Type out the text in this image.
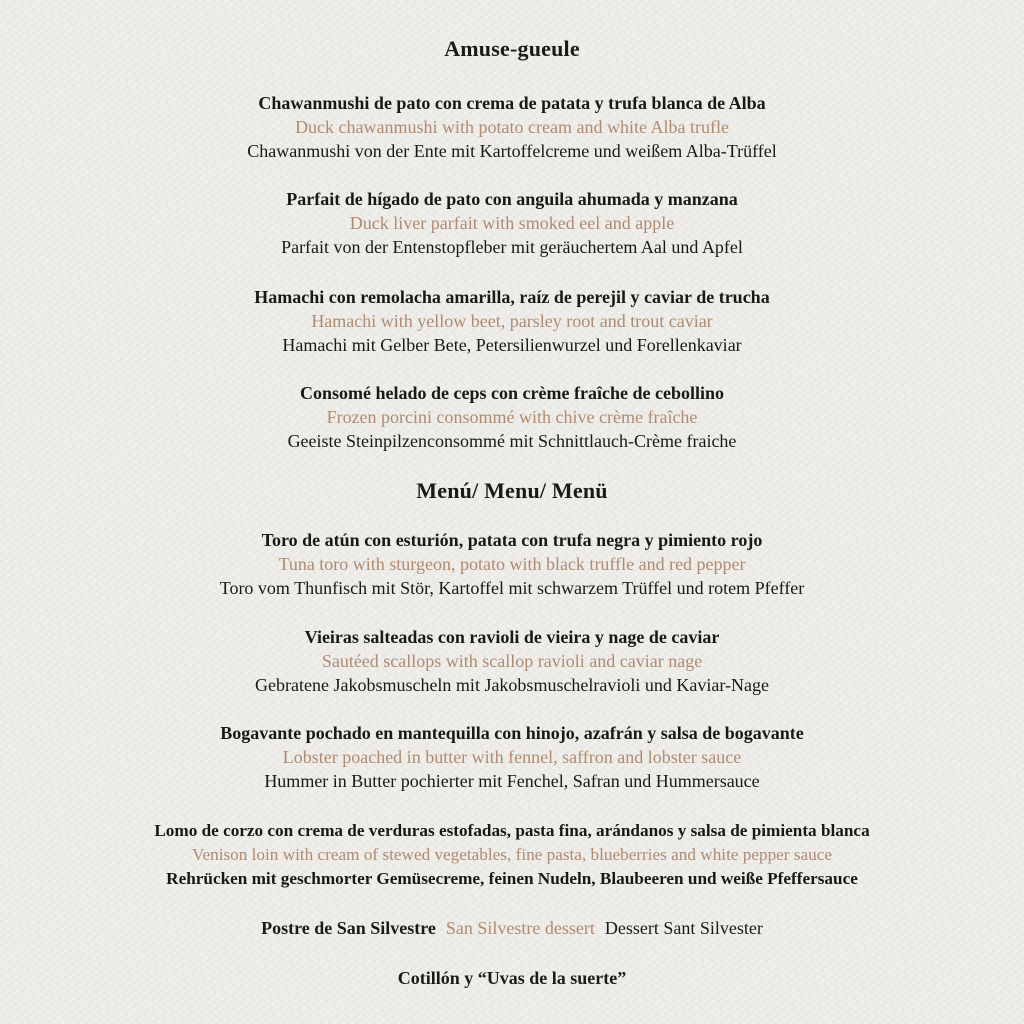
Amuse-gueule
Chawanmushi de pato con crema de patata y trufa blanca de Alba
Duck chawanmushi with potato cream and white Alba trufle
Chawanmushi von der Ente mit Kartoffelcreme und weißem Alba-Trüffel
Parfait de hígado de pato con anguila ahumada y manzana
Duck liver parfait with smoked eel and apple
Parfait von der Entenstopfleber mit geräuchertem Aal und Apfel
Hamachi con remolacha amarilla, raíz de perejil y caviar de trucha
Hamachi with yellow beet, parsley root and trout caviar
Hamachi mit Gelber Bete, Petersilienwurzel und Forellenkaviar
Consomé helado de ceps con crème fraîche de cebollino
Frozen porcini consommé with chive crème fraîche
Geeiste Steinpilzenconsommé mit Schnittlauch-Crème fraiche
Menú/ Menu/ Menü
Toro de atún con esturión, patata con trufa negra y pimiento rojo
Tuna toro with sturgeon, potato with black truffle and red pepper
Toro vom Thunfisch mit Stör, Kartoffel mit schwarzem Trüffel und rotem Pfeffer
Vieiras salteadas con ravioli de vieira y nage de caviar
Sautéed scallops with scallop ravioli and caviar nage
Gebratene Jakobsmuscheln mit Jakobsmuschelravioli und Kaviar-Nage
Bogavante pochado en mantequilla con hinojo, azafrán y salsa de bogavante
Lobster poached in butter with fennel, saffron and lobster sauce
Hummer in Butter pochierter mit Fenchel, Safran und Hummersauce
Lomo de corzo con crema de verduras estofadas, pasta fina, arándanos y salsa de pimienta blanca
Venison loin with cream of stewed vegetables, fine pasta, blueberries and white pepper sauce
Rehrücken mit geschmorter Gemüsecreme, feinen Nudeln, Blaubeeren und weiße Pfeffersauce
Postre de San Silvestre San Silvestre dessert Dessert Sant Silvester
Cotillón y “Uvas de la suerte”
